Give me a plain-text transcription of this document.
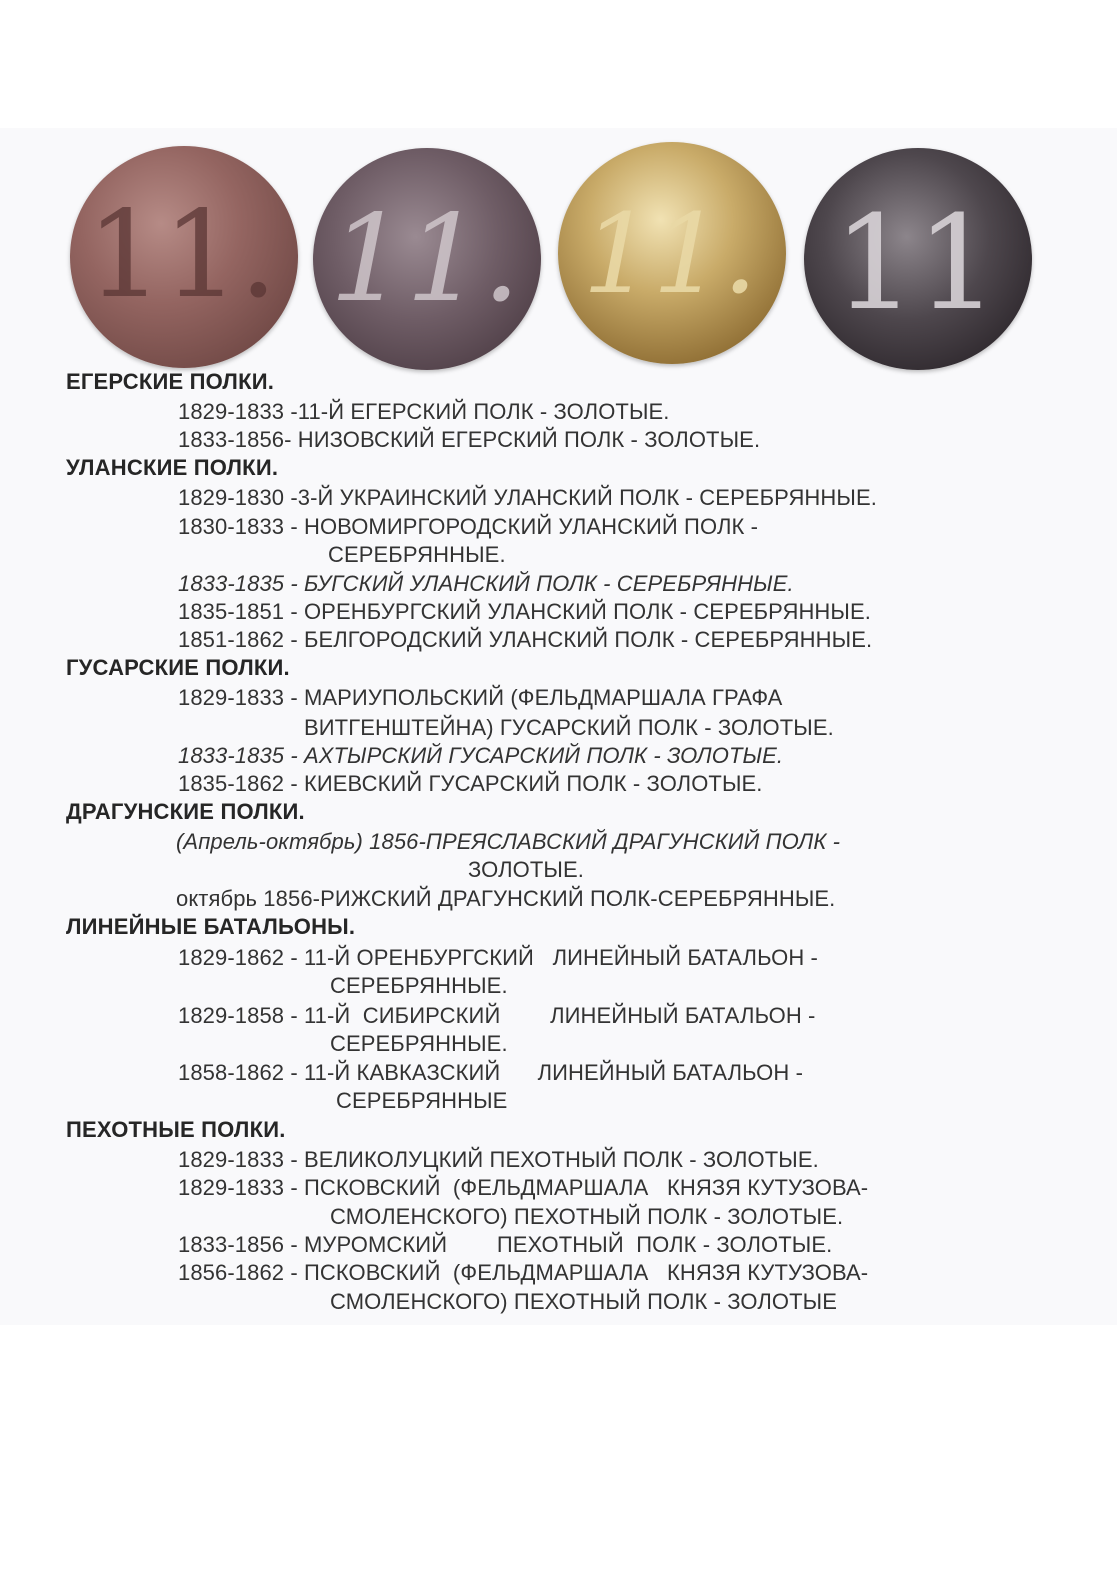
11. 11. 11. 11
ЕГЕРСКИЕ ПОЛКИ.
1829-1833 -11-Й ЕГЕРСКИЙ ПОЛК - ЗОЛОТЫЕ.
1833-1856- НИЗОВСКИЙ ЕГЕРСКИЙ ПОЛК - ЗОЛОТЫЕ.
УЛАНСКИЕ ПОЛКИ.
1829-1830 -3-Й УКРАИНСКИЙ УЛАНСКИЙ ПОЛК - СЕРЕБРЯННЫЕ.
1830-1833 - НОВОМИРГОРОДСКИЙ УЛАНСКИЙ ПОЛК -
СЕРЕБРЯННЫЕ.
1833-1835 - БУГСКИЙ УЛАНСКИЙ ПОЛК - СЕРЕБРЯННЫЕ.
1835-1851 - ОРЕНБУРГСКИЙ УЛАНСКИЙ ПОЛК - СЕРЕБРЯННЫЕ.
1851-1862 - БЕЛГОРОДСКИЙ УЛАНСКИЙ ПОЛК - СЕРЕБРЯННЫЕ.
ГУСАРСКИЕ ПОЛКИ.
1829-1833 - МАРИУПОЛЬСКИЙ (ФЕЛЬДМАРШАЛА ГРАФА
ВИТГЕНШТЕЙНА) ГУСАРСКИЙ ПОЛК - ЗОЛОТЫЕ.
1833-1835 - АХТЫРСКИЙ ГУСАРСКИЙ ПОЛК - ЗОЛОТЫЕ.
1835-1862 - КИЕВСКИЙ ГУСАРСКИЙ ПОЛК - ЗОЛОТЫЕ.
ДРАГУНСКИЕ ПОЛКИ.
(Апрель-октябрь) 1856-ПРЕЯСЛАВСКИЙ ДРАГУНСКИЙ ПОЛК -
ЗОЛОТЫЕ.
октябрь 1856-РИЖСКИЙ ДРАГУНСКИЙ ПОЛК-СЕРЕБРЯННЫЕ.
ЛИНЕЙНЫЕ БАТАЛЬОНЫ.
1829-1862 - 11-Й ОРЕНБУРГСКИЙ   ЛИНЕЙНЫЙ БАТАЛЬОН -
СЕРЕБРЯННЫЕ.
1829-1858 - 11-Й  СИБИРСКИЙ        ЛИНЕЙНЫЙ БАТАЛЬОН -
СЕРЕБРЯННЫЕ.
1858-1862 - 11-Й КАВКАЗСКИЙ      ЛИНЕЙНЫЙ БАТАЛЬОН -
СЕРЕБРЯННЫЕ
ПЕХОТНЫЕ ПОЛКИ.
1829-1833 - ВЕЛИКОЛУЦКИЙ ПЕХОТНЫЙ ПОЛК - ЗОЛОТЫЕ.
1829-1833 - ПСКОВСКИЙ  (ФЕЛЬДМАРШАЛА   КНЯЗЯ КУТУЗОВА-
СМОЛЕНСКОГО) ПЕХОТНЫЙ ПОЛК - ЗОЛОТЫЕ.
1833-1856 - МУРОМСКИЙ        ПЕХОТНЫЙ  ПОЛК - ЗОЛОТЫЕ.
1856-1862 - ПСКОВСКИЙ  (ФЕЛЬДМАРШАЛА   КНЯЗЯ КУТУЗОВА-
СМОЛЕНСКОГО) ПЕХОТНЫЙ ПОЛК - ЗОЛОТЫЕ
